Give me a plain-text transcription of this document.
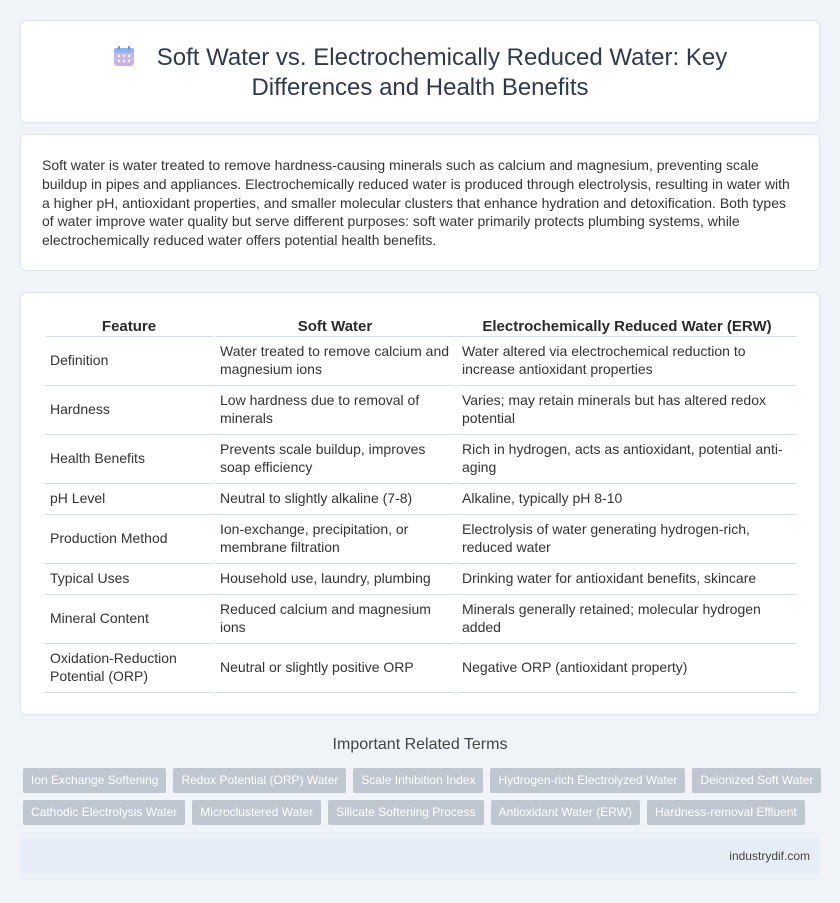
Soft Water vs. Electrochemically Reduced Water: Key Differences and Health Benefits

Soft water is water treated to remove hardness-causing minerals such as calcium and magnesium, preventing scale buildup in pipes and appliances. Electrochemically reduced water is produced through electrolysis, resulting in water with a higher pH, antioxidant properties, and smaller molecular clusters that enhance hydration and detoxification. Both types of water improve water quality but serve different purposes: soft water primarily protects plumbing systems, while electrochemically reduced water offers potential health benefits.

Feature	Soft Water	Electrochemically Reduced Water (ERW)
Definition	Water treated to remove calcium and magnesium ions	Water altered via electrochemical reduction to increase antioxidant properties
Hardness	Low hardness due to removal of minerals	Varies; may retain minerals but has altered redox potential
Health Benefits	Prevents scale buildup, improves soap efficiency	Rich in hydrogen, acts as antioxidant, potential anti-aging
pH Level	Neutral to slightly alkaline (7-8)	Alkaline, typically pH 8-10
Production Method	Ion-exchange, precipitation, or membrane filtration	Electrolysis of water generating hydrogen-rich, reduced water
Typical Uses	Household use, laundry, plumbing	Drinking water for antioxidant benefits, skincare
Mineral Content	Reduced calcium and magnesium ions	Minerals generally retained; molecular hydrogen added
Oxidation-Reduction Potential (ORP)	Neutral or slightly positive ORP	Negative ORP (antioxidant property)
Important Related Terms
Ion Exchange Softening	Redox Potential (ORP) Water	Scale Inhibition Index	Hydrogen-rich Electrolyzed Water	Deionized Soft Water
Cathodic Electrolysis Water	Microclustered Water	Silicate Softening Process	Antioxidant Water (ERW)	Hardness-removal Effluent
industrydif.com
